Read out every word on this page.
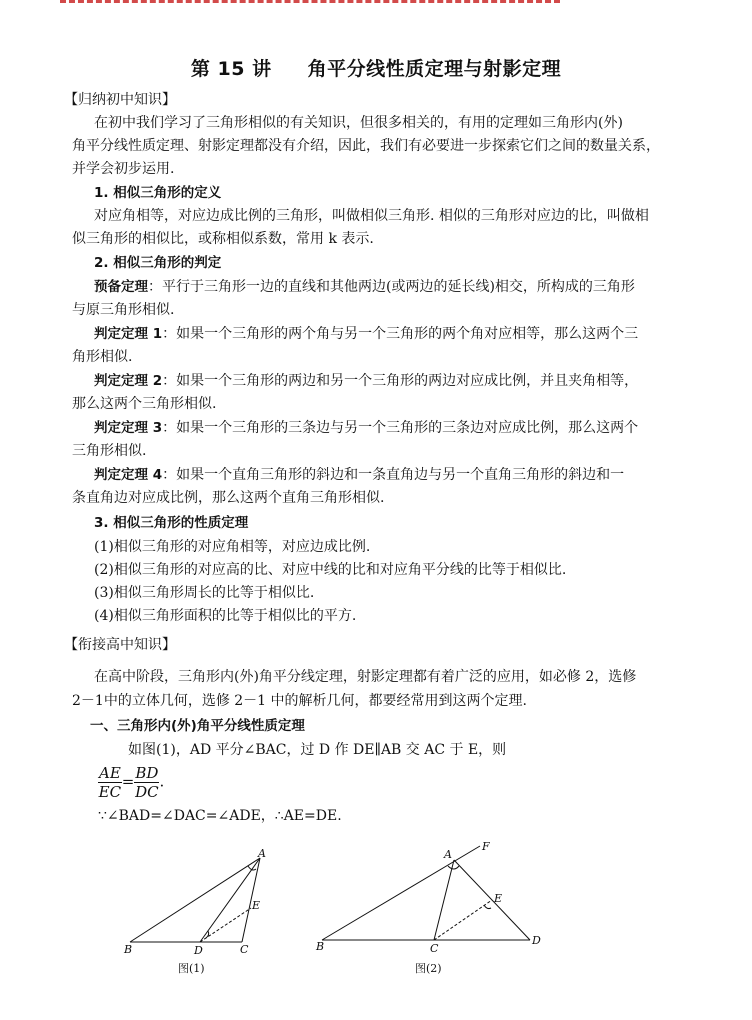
第 15 讲 角平分线性质定理与射影定理
【归纳初中知识】
在初中我们学习了三角形相似的有关知识，但很多相关的，有用的定理如三角形内(外)
角平分线性质定理、射影定理都没有介绍，因此，我们有必要进一步探索它们之间的数量关系，
并学会初步运用.
1. 相似三角形的定义
对应角相等，对应边成比例的三角形，叫做相似三角形. 相似的三角形对应边的比，叫做相
似三角形的相似比，或称相似系数，常用 k 表示.
2. 相似三角形的判定
预备定理：平行于三角形一边的直线和其他两边(或两边的延长线)相交，所构成的三角形
与原三角形相似.
判定定理 1：如果一个三角形的两个角与另一个三角形的两个角对应相等，那么这两个三
角形相似.
判定定理 2：如果一个三角形的两边和另一个三角形的两边对应成比例，并且夹角相等，
那么这两个三角形相似.
判定定理 3：如果一个三角形的三条边与另一个三角形的三条边对应成比例，那么这两个
三角形相似.
判定定理 4：如果一个直角三角形的斜边和一条直角边与另一个直角三角形的斜边和一
条直角边对应成比例，那么这两个直角三角形相似.
3. 相似三角形的性质定理
(1)相似三角形的对应角相等，对应边成比例.
(2)相似三角形的对应高的比、对应中线的比和对应角平分线的比等于相似比.
(3)相似三角形周长的比等于相似比.
(4)相似三角形面积的比等于相似比的平方.
【衔接高中知识】
在高中阶段，三角形内(外)角平分线定理，射影定理都有着广泛的应用，如必修 2，选修
2－1中的立体几何，选修 2－1 中的解析几何，都要经常用到这两个定理.
一、三角形内(外)角平分线性质定理
如图(1)，AD 平分∠BAC，过 D 作 DE∥AB 交 AC 于 E，则
$\frac{AE}{EC} = \frac{BD}{DC}$ .
∵∠BAD=∠DAC=∠ADE，∴AE=DE.
A
B	C
D
E
图(1)
A
B	C
D
E
F
图(2)
